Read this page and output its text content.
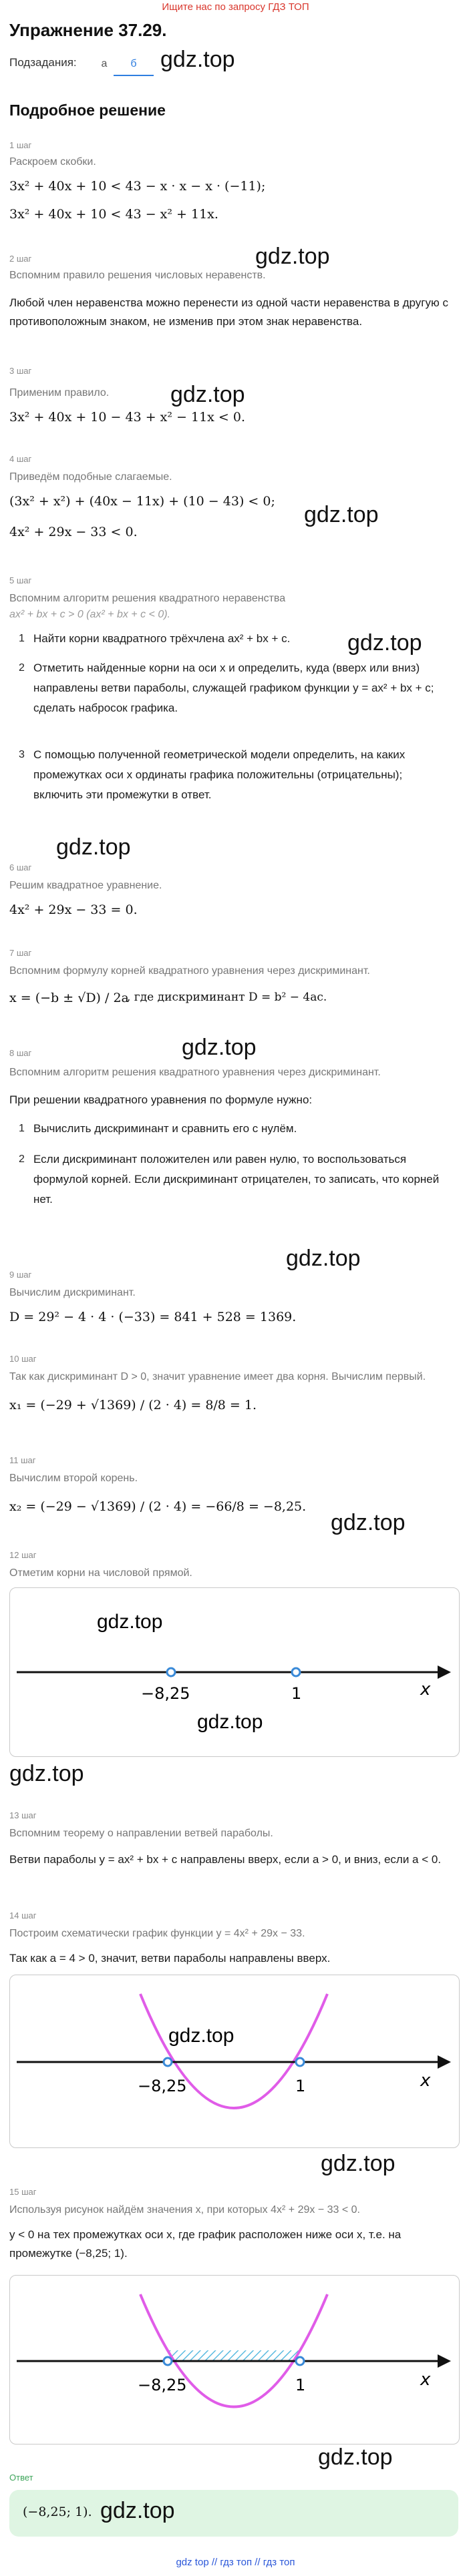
Ищите нас по запросу ГДЗ ТОП
Упражнение 37.29.
Подзадания:	а	б	gdz.top
Подробное решение
1 шаг
Раскроем скобки.
3x² + 40x + 10 < 43 − x · x − x · (−11);
3x² + 40x + 10 < 43 − x² + 11x.
gdz.top
2 шаг
Вспомним правило решения числовых неравенств.
Любой член неравенства можно перенести из одной части неравенства в другую с противоположным знаком, не изменив при этом знак неравенства.
3 шаг
gdz.top
Применим правило.
3x² + 40x + 10 − 43 + x² − 11x < 0.
4 шаг
Приведём подобные слагаемые.
(3x² + x²) + (40x − 11x) + (10 − 43) < 0;
gdz.top
4x² + 29x − 33 < 0.
5 шаг
Вспомним алгоритм решения квадратного неравенства
ax² + bx + c > 0 (ax² + bx + c < 0).
1 Найти корни квадратного трёхчлена ax² + bx + c.	gdz.top
2 Отметить найденные корни на оси x и определить, куда (вверх или вниз) направлены ветви параболы, служащей графиком функции y = ax² + bx + c; сделать набросок графика.
3 С помощью полученной геометрической модели определить, на каких промежутках оси x ординаты графика положительны (отрицательны); включить эти промежутки в ответ.
gdz.top
6 шаг
Решим квадратное уравнение.
4x² + 29x − 33 = 0.
7 шаг
Вспомним формулу корней квадратного уравнения через дискриминант.
x = (−b ± √D) / 2a
, где дискриминант D = b² − 4ac.
8 шаг	gdz.top
Вспомним алгоритм решения квадратного уравнения через дискриминант.
При решении квадратного уравнения по формуле нужно:
1 Вычислить дискриминант и сравнить его с нулём.
2 Если дискриминант положителен или равен нулю, то воспользоваться формулой корней. Если дискриминант отрицателен, то записать, что корней нет.
gdz.top
9 шаг
Вычислим дискриминант.
D = 29² − 4 · 4 · (−33) = 841 + 528 = 1369.
10 шаг
Так как дискриминант D > 0, значит уравнение имеет два корня. Вычислим первый.
x₁ = (−29 + √1369) / (2 · 4) = 8/8 = 1.
11 шаг
Вычислим второй корень.
x₂ = (−29 − √1369) / (2 · 4) = −66/8 = −8,25.
gdz.top
12 шаг
Отметим корни на числовой прямой.
x
−8,25	1
gdz.top
gdz.top
gdz.top
13 шаг
Вспомним теорему о направлении ветвей параболы.
Ветви параболы y = ax² + bx + c направлены вверх, если a > 0, и вниз, если a < 0.
14 шаг
Построим схематически график функции y = 4x² + 29x − 33.
Так как a = 4 > 0, значит, ветви параболы направлены вверх.
x
−8,25	1
gdz.top
gdz.top
15 шаг
Используя рисунок найдём значения x, при которых 4x² + 29x − 33 < 0.
y < 0 на тех промежутках оси x, где график расположен ниже оси x, т.е. на промежутке (−8,25; 1).
x
−8,25	1
gdz.top
Ответ
(−8,25; 1). gdz.top
gdz top // гдз топ // гдз топ
